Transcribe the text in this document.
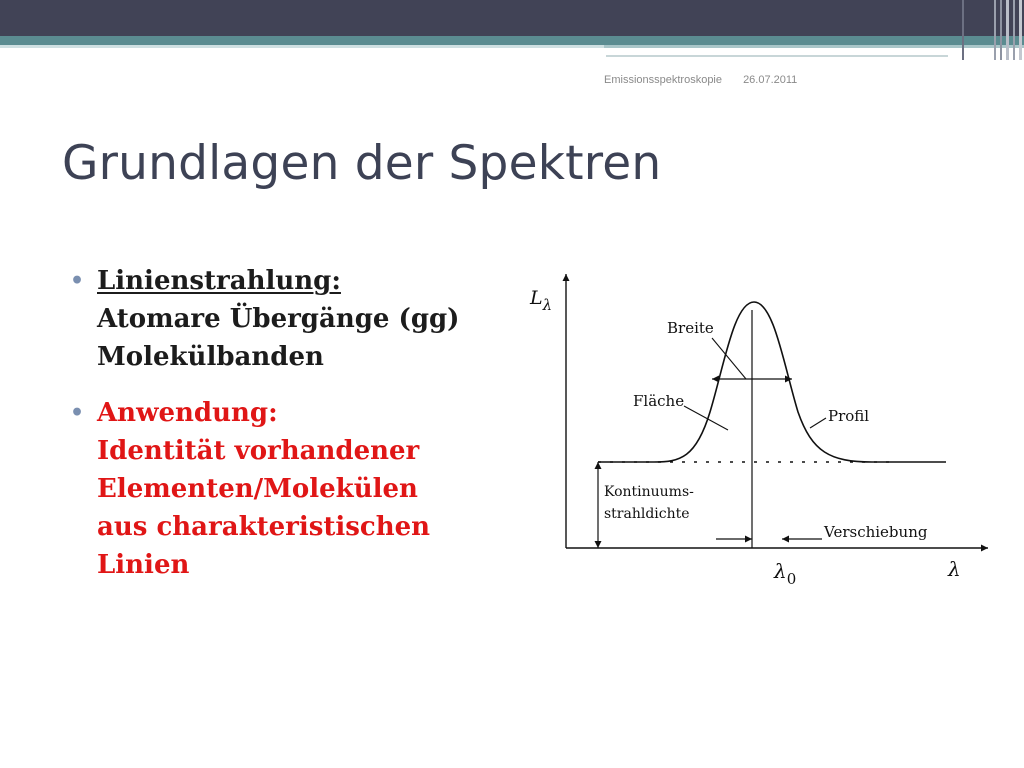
Emissionsspektroskopie 26.07.2011
Grundlagen der Spektren
• Linienstrahlung:
Atomare Übergänge (gg)
Molekülbanden
• Anwendung:
Identität vorhandener
Elementen/Molekülen
aus charakteristischen
Linien
Breite
Fläche
Profil
Kontinuums-
strahldichte
Verschiebung
$L_\lambda$
λ
$\lambda_0$
